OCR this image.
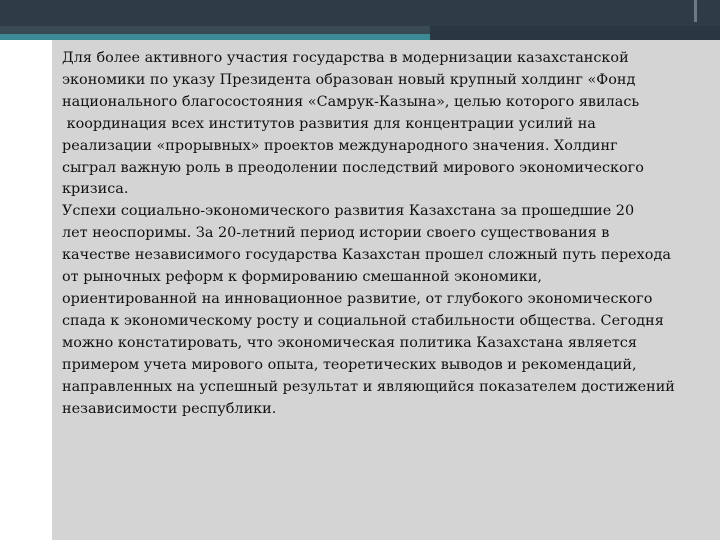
Для более активного участия государства в модернизации казахстанской
экономики по указу Президента образован новый крупный холдинг «Фонд
национального благосостояния «Самрук-Казына», целью которого явилась
координация всех институтов развития для концентрации усилий на
реализации «прорывных» проектов международного значения. Холдинг
сыграл важную роль в преодолении последствий мирового экономического
кризиса.
Успехи социально-экономического развития Казахстана за прошедшие 20
лет неоспоримы. За 20-летний период истории своего существования в
качестве независимого государства Казахстан прошел сложный путь перехода
от рыночных реформ к формированию смешанной экономики,
ориентированной на инновационное развитие, от глубокого экономического
спада к экономическому росту и социальной стабильности общества. Сегодня
можно констатировать, что экономическая политика Казахстана является
примером учета мирового опыта, теоретических выводов и рекомендаций,
направленных на успешный результат и являющийся показателем достижений
независимости республики.
